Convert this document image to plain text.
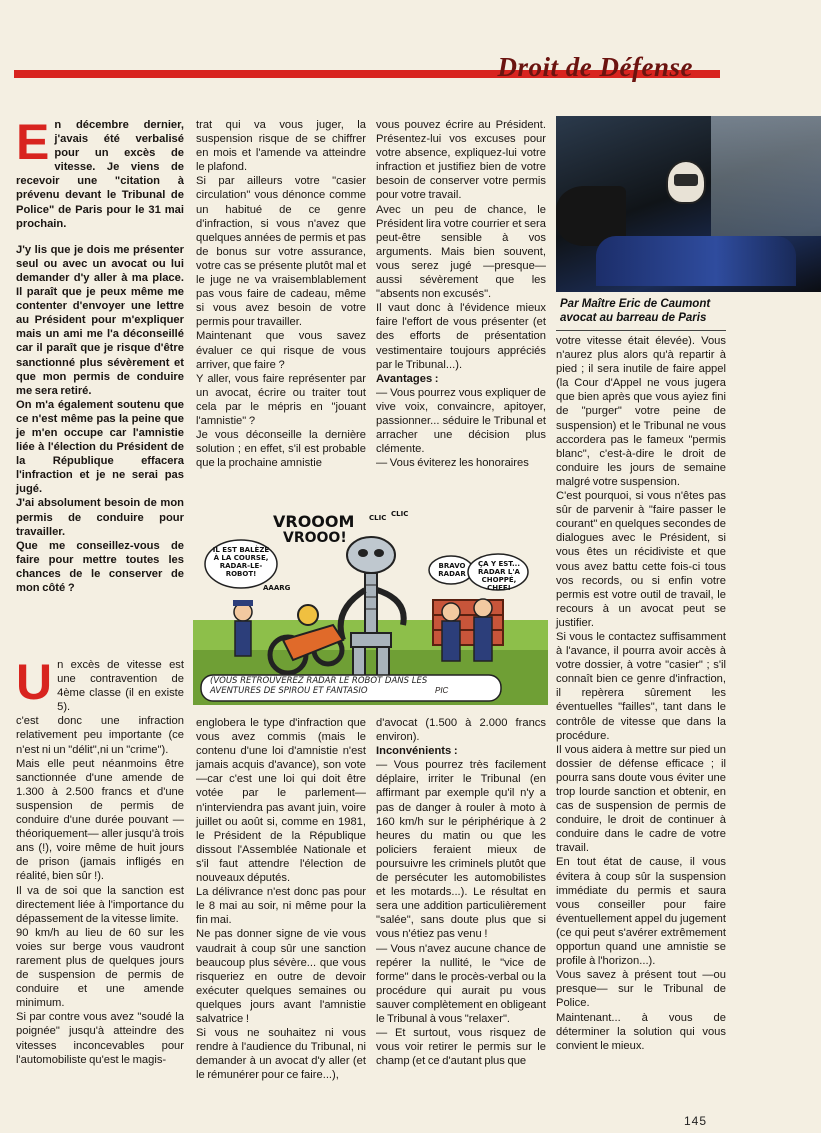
Droit de Défense
E n décembre dernier, j'avais été verbalisé pour un excès de vitesse. Je viens de recevoir une "citation à prévenu devant le Tribunal de Police" de Paris pour le 31 mai prochain.

J'y lis que je dois me présenter seul ou avec un avocat ou lui demander d'y aller à ma place. Il paraît que je peux même me contenter d'envoyer une lettre au Président pour m'expliquer mais un ami me l'a déconseillé car il paraît que je risque d'être sanctionné plus sévèrement et que mon permis de conduire me sera retiré.

On m'a également soutenu que ce n'est même pas la peine que je m'en occupe car l'amnistie liée à l'élection du Président de la République effacera l'infraction et je ne serai pas jugé.

J'ai absolument besoin de mon permis de conduire pour travailler.

Que me conseillez-vous de faire pour mettre toutes les chances de le conserver de mon côté ?

U n excès de vitesse est une contravention de 4ème classe (il en existe 5).

c'est donc une infraction relativement peu importante (ce n'est ni un "délit",ni un "crime").

Mais elle peut néanmoins être sanctionnée d'une amende de 1.300 à 2.500 francs et d'une suspension de permis de conduire d'une durée pouvant —théoriquement— aller jusqu'à trois ans (!), voire même de huit jours de prison (jamais infligés en réalité, bien sûr !).

Il va de soi que la sanction est directement liée à l'importance du dépassement de la vitesse limite.

90 km/h au lieu de 60 sur les voies sur berge vous vaudront rarement plus de quelques jours de suspension de permis de conduire et une amende minimum.

Si par contre vous avez "soudé la poignée" jusqu'à atteindre des vitesses inconcevables pour l'automobiliste qu'est le magis-

trat qui va vous juger, la suspension risque de se chiffrer en mois et l'amende va atteindre le plafond.

Si par ailleurs votre "casier circulation" vous dénonce comme un habitué de ce genre d'infraction, si vous n'avez que quelques années de permis et pas de bonus sur votre assurance, votre cas se présente plutôt mal et le juge ne va vraisemblablement pas vous faire de cadeau, même si vous avez besoin de votre permis pour travailler.

Maintenant que vous savez évaluer ce qui risque de vous arriver, que faire ?

Y aller, vous faire représenter par un avocat, écrire ou traiter tout cela par le mépris en "jouant l'amnistie" ?

Je vous déconseille la dernière solution ; en effet, s'il est probable que la prochaine amnistie

vous pouvez écrire au Président. Présentez-lui vos excuses pour votre absence, expliquez-lui votre infraction et justifiez bien de votre besoin de conserver votre permis pour votre travail.

Avec un peu de chance, le Président lira votre courrier et sera peut-être sensible à vos arguments. Mais bien souvent, vous serez jugé —presque— aussi sévèrement que les "absents non excusés".

Il vaut donc à l'évidence mieux faire l'effort de vous présenter (et des efforts de présentation vestimentaire toujours appréciés par le Tribunal...).

Avantages :

— Vous pourrez vous expliquer de vive voix, convaincre, apitoyer, passionner... séduire le Tribunal et arracher une décision plus clémente.

— Vous éviterez les honoraires

VROOOM
VROOO!
CLIC CLIC
IL EST BALÈZE À LA COURSE, RADAR-LE-ROBOT!
AAARG
BRAVO RADAR
ÇA Y EST... RADAR L'A CHOPPÉ, CHEF!
(VOUS RETROUVEREZ RADAR LE ROBOT DANS LES AVENTURES DE SPIROU ET FANTASIO	PIC

englobera le type d'infraction que vous avez commis (mais le contenu d'une loi d'amnistie n'est jamais acquis d'avance), son vote —car c'est une loi qui doit être votée par le parlement—n'interviendra pas avant juin, voire juillet ou août si, comme en 1981, le Président de la République dissout l'Assemblée Nationale et s'il faut attendre l'élection de nouveaux députés.

La délivrance n'est donc pas pour le 8 mai au soir, ni même pour la fin mai.

Ne pas donner signe de vie vous vaudrait à coup sûr une sanction beaucoup plus sévère... que vous risqueriez en outre de devoir exécuter quelques semaines ou quelques jours avant l'amnistie salvatrice !

Si vous ne souhaitez ni vous rendre à l'audience du Tribunal, ni demander à un avocat d'y aller (et le rémunérer pour ce faire...),

d'avocat (1.500 à 2.000 francs environ).

Inconvénients :

— Vous pourrez très facilement déplaire, irriter le Tribunal (en affirmant par exemple qu'il n'y a pas de danger à rouler à moto à 160 km/h sur le périphérique à 2 heures du matin ou que les policiers feraient mieux de poursuivre les criminels plutôt que de persécuter les automobilistes et les motards...). Le résultat en sera une addition particulièrement "salée", sans doute plus que si vous n'étiez pas venu !

— Vous n'avez aucune chance de repérer la nullité, le "vice de forme" dans le procès-verbal ou la procédure qui aurait pu vous sauver complètement en obligeant le Tribunal à vous "relaxer".

— Et surtout, vous risquez de vous voir retirer le permis sur le champ (et ce d'autant plus que

Par Maître Eric de Caumont
avocat au barreau de Paris

votre vitesse était élevée). Vous n'aurez plus alors qu'à repartir à pied ; il sera inutile de faire appel (la Cour d'Appel ne vous jugera que bien après que vous ayiez fini de "purger" votre peine de suspension) et le Tribunal ne vous accordera pas le fameux "permis blanc", c'est-à-dire le droit de conduire les jours de semaine malgré votre suspension.

C'est pourquoi, si vous n'êtes pas sûr de parvenir à "faire passer le courant" en quelques secondes de dialogues avec le Président, si vous êtes un récidiviste et que vous avez battu cette fois-ci tous vos records, ou si enfin votre permis est votre outil de travail, le recours à un avocat peut se justifier.

Si vous le contactez suffisamment à l'avance, il pourra avoir accès à votre dossier, à votre "casier" ; s'il connaît bien ce genre d'infraction, il repèrera sûrement les éventuelles "failles", tant dans le contrôle de vitesse que dans la procédure.

Il vous aidera à mettre sur pied un dossier de défense efficace ; il pourra sans doute vous éviter une trop lourde sanction et obtenir, en cas de suspension de permis de conduire, le droit de continuer à conduire dans le cadre de votre travail.

En tout état de cause, il vous évitera à coup sûr la suspension immédiate du permis et saura vous conseiller pour faire éventuellement appel du jugement (ce qui peut s'avérer extrêmement opportun quand une amnistie se profile à l'horizon...).

Vous savez à présent tout —ou presque— sur le Tribunal de Police.

Maintenant... à vous de déterminer la solution qui vous convient le mieux.

145
